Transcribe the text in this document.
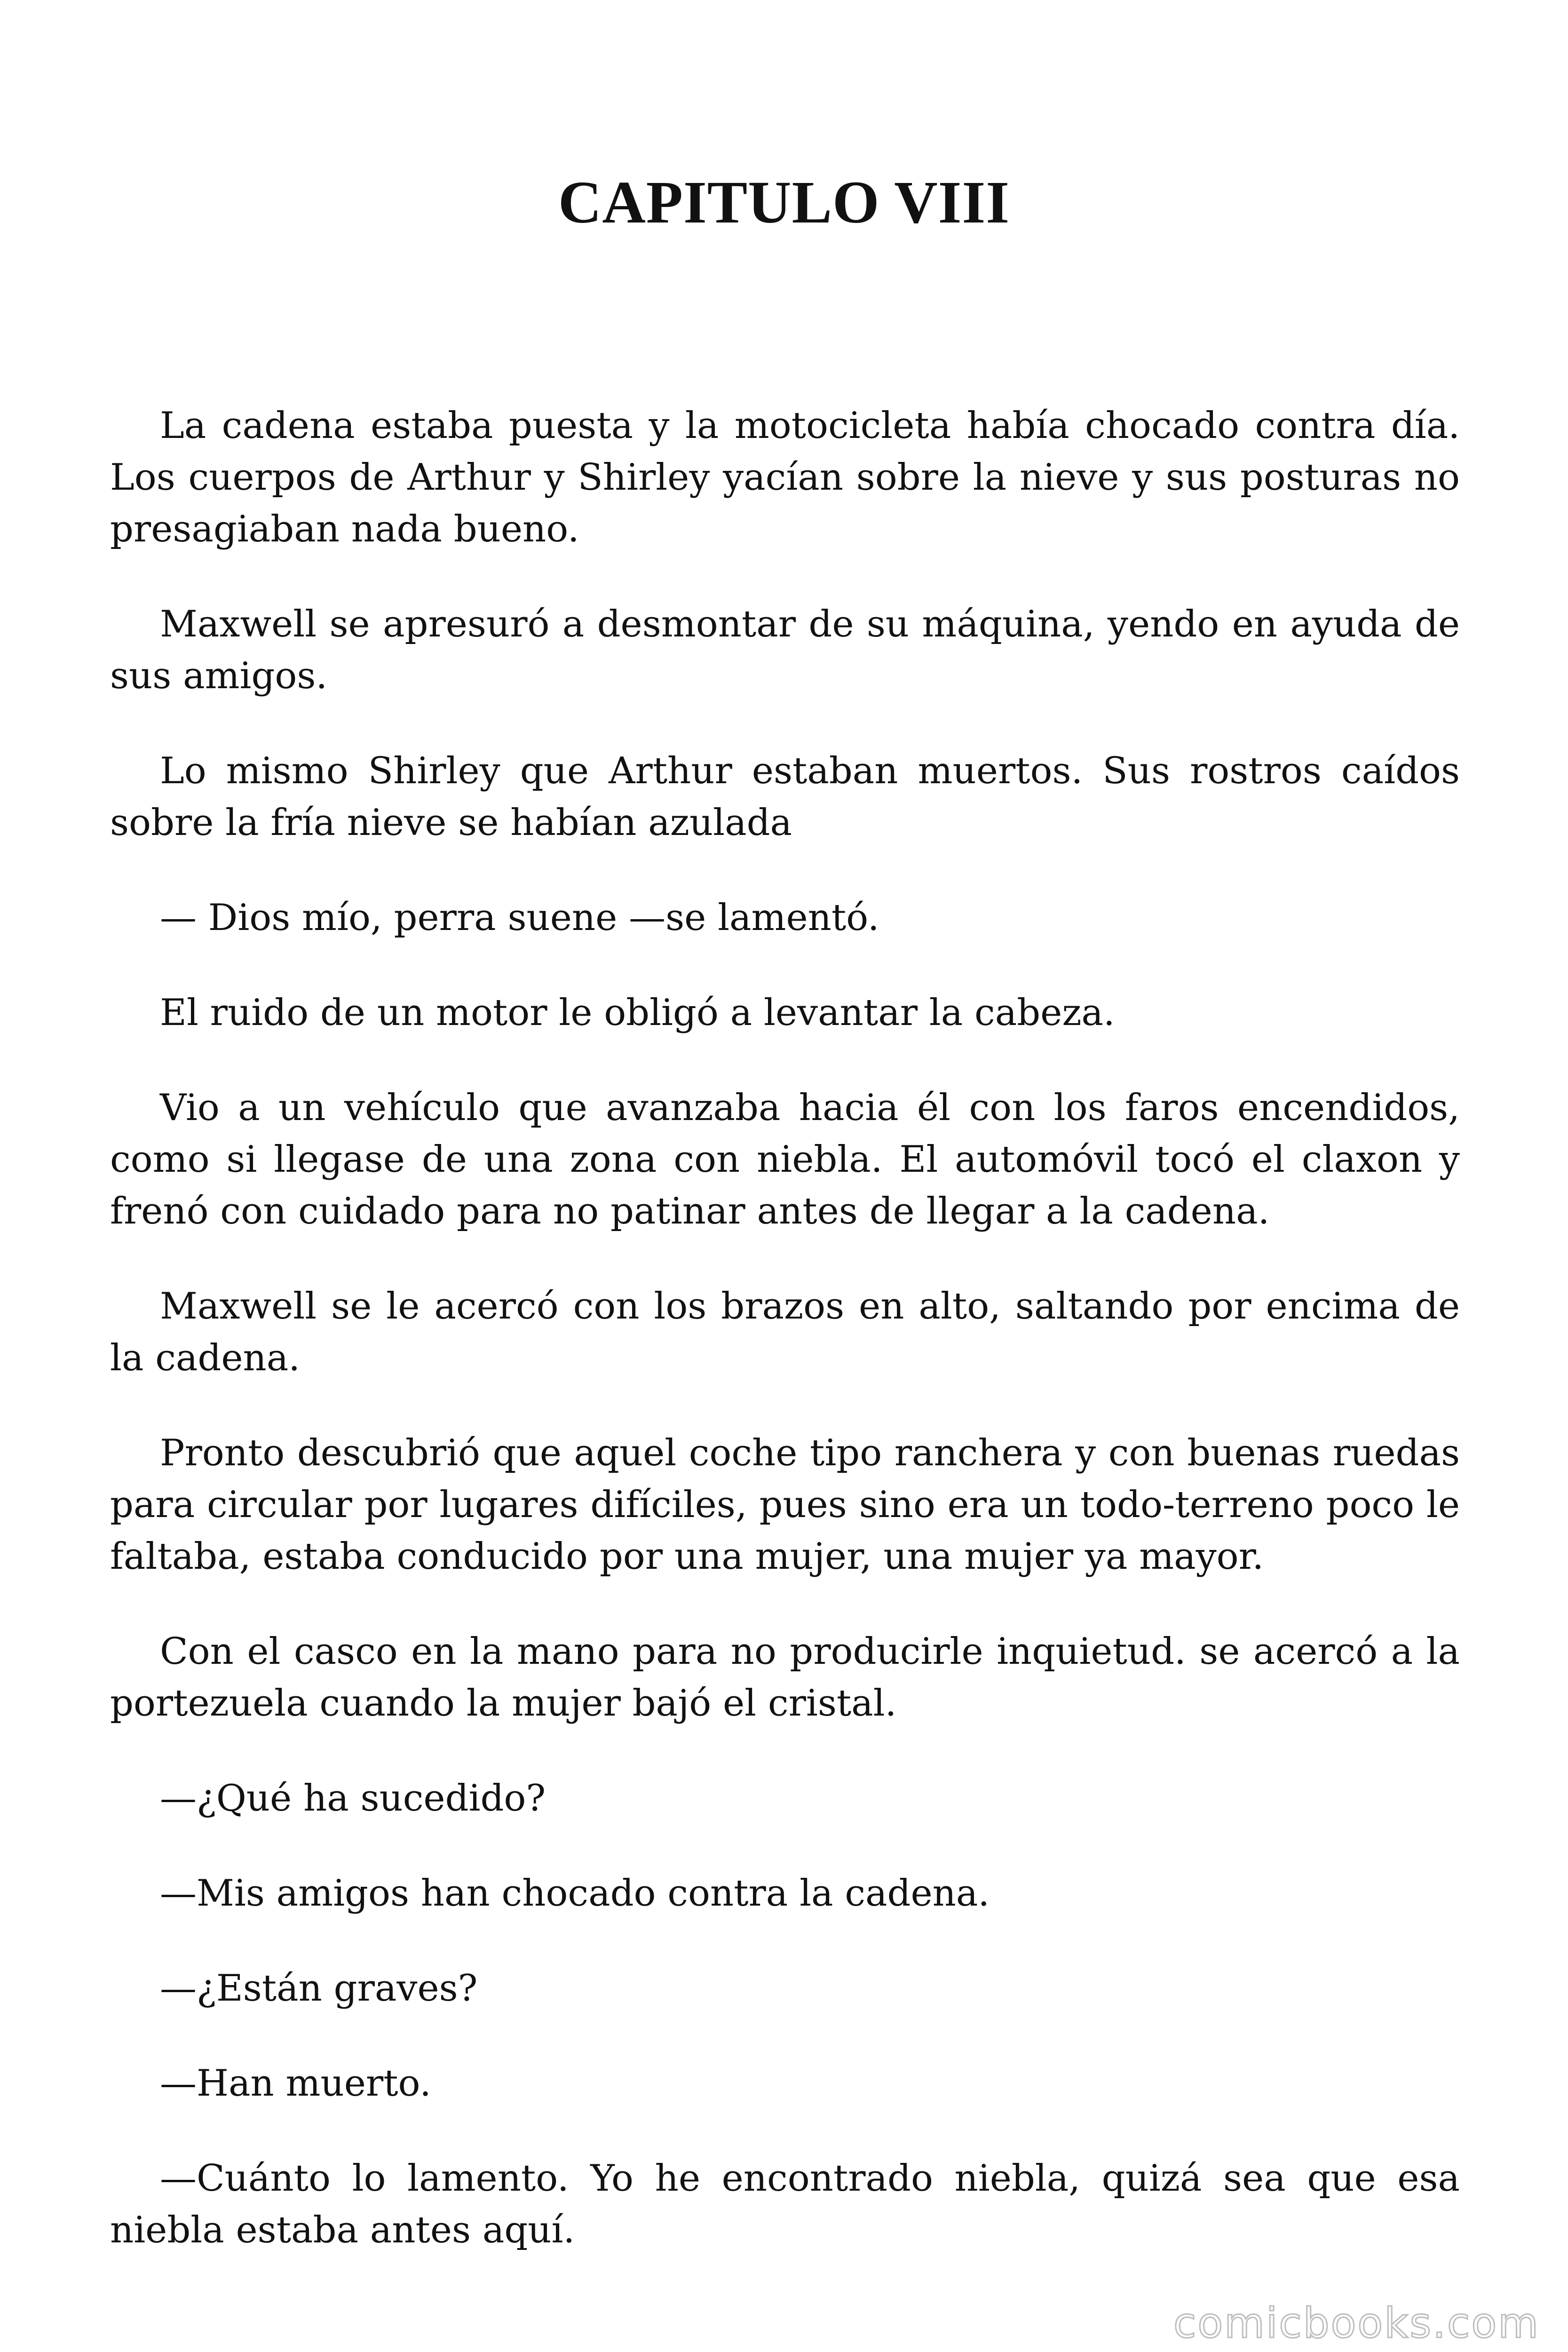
CAPITULO VIII

La cadena estaba puesta y la motocicleta había chocado contra día. Los cuerpos de Arthur y Shirley yacían sobre la nieve y sus posturas no presagiaban nada bueno.

Maxwell se apresuró a desmontar de su máquina, yendo en ayuda de sus amigos.

Lo mismo Shirley que Arthur estaban muertos. Sus rostros caídos sobre la fría nieve se habían azulada

— Dios mío, perra suene —se lamentó.

El ruido de un motor le obligó a levantar la cabeza.

Vio a un vehículo que avanzaba hacia él con los faros encendidos, como si llegase de una zona con niebla. El automóvil tocó el claxon y frenó con cuidado para no patinar antes de llegar a la cadena.

Maxwell se le acercó con los brazos en alto, saltando por encima de la cadena.

Pronto descubrió que aquel coche tipo ranchera y con buenas ruedas para circular por lugares difíciles, pues sino era un todo-terreno poco le faltaba, estaba conducido por una mujer, una mujer ya mayor.

Con el casco en la mano para no producirle inquietud. se acercó a la portezuela cuando la mujer bajó el cristal.

—¿Qué ha sucedido?

—Mis amigos han chocado contra la cadena.

—¿Están graves?

—Han muerto.

—Cuánto lo lamento. Yo he encontrado niebla, quizá sea que esa niebla estaba antes aquí.

comicbooks.com
